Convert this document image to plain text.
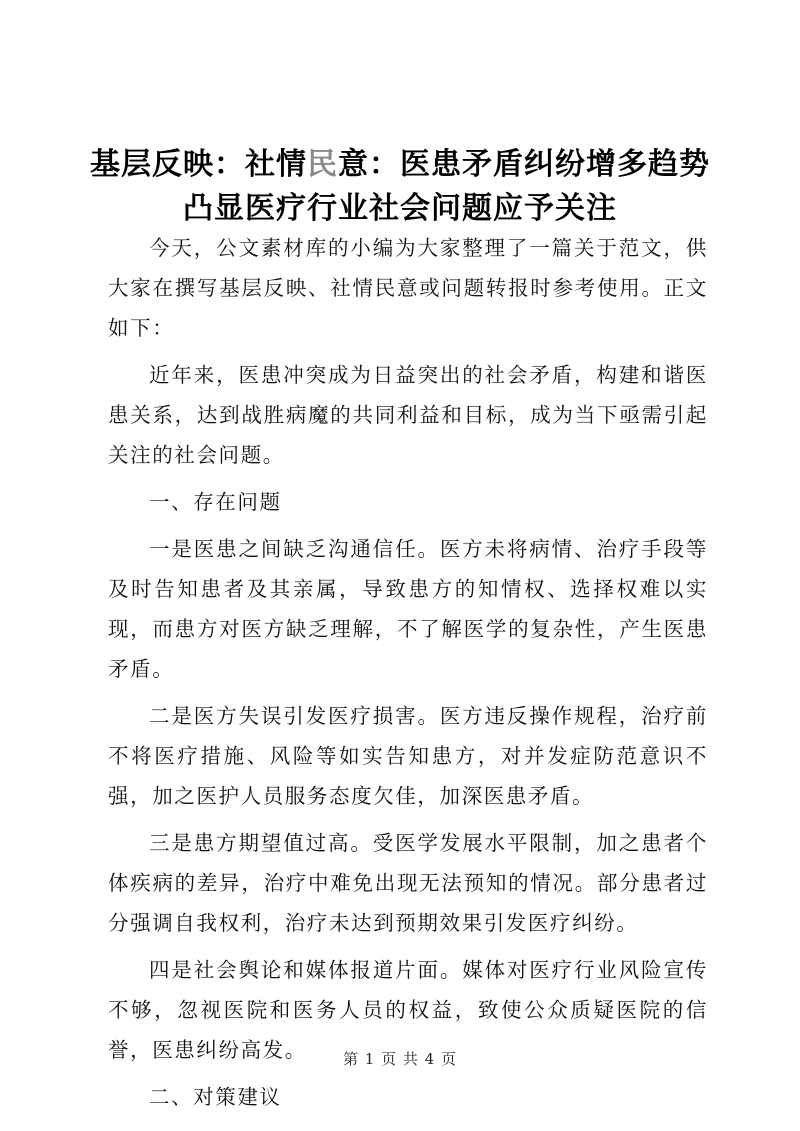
基层反映：社情民意：医患矛盾纠纷增多趋势
凸显医疗行业社会问题应予关注

今天，公文素材库的小编为大家整理了一篇关于范文，供大家在撰写基层反映、社情民意或问题转报时参考使用。正文如下：

近年来，医患冲突成为日益突出的社会矛盾，构建和谐医患关系，达到战胜病魔的共同利益和目标，成为当下亟需引起关注的社会问题。

一、存在问题

一是医患之间缺乏沟通信任。医方未将病情、治疗手段等及时告知患者及其亲属，导致患方的知情权、选择权难以实现，而患方对医方缺乏理解，不了解医学的复杂性，产生医患矛盾。

二是医方失误引发医疗损害。医方违反操作规程，治疗前不将医疗措施、风险等如实告知患方，对并发症防范意识不强，加之医护人员服务态度欠佳，加深医患矛盾。

三是患方期望值过高。受医学发展水平限制，加之患者个体疾病的差异，治疗中难免出现无法预知的情况。部分患者过分强调自我权利，治疗未达到预期效果引发医疗纠纷。

四是社会舆论和媒体报道片面。媒体对医疗行业风险宣传不够，忽视医院和医务人员的权益，致使公众质疑医院的信誉，医患纠纷高发。

二、对策建议

第 1 页 共 4 页
